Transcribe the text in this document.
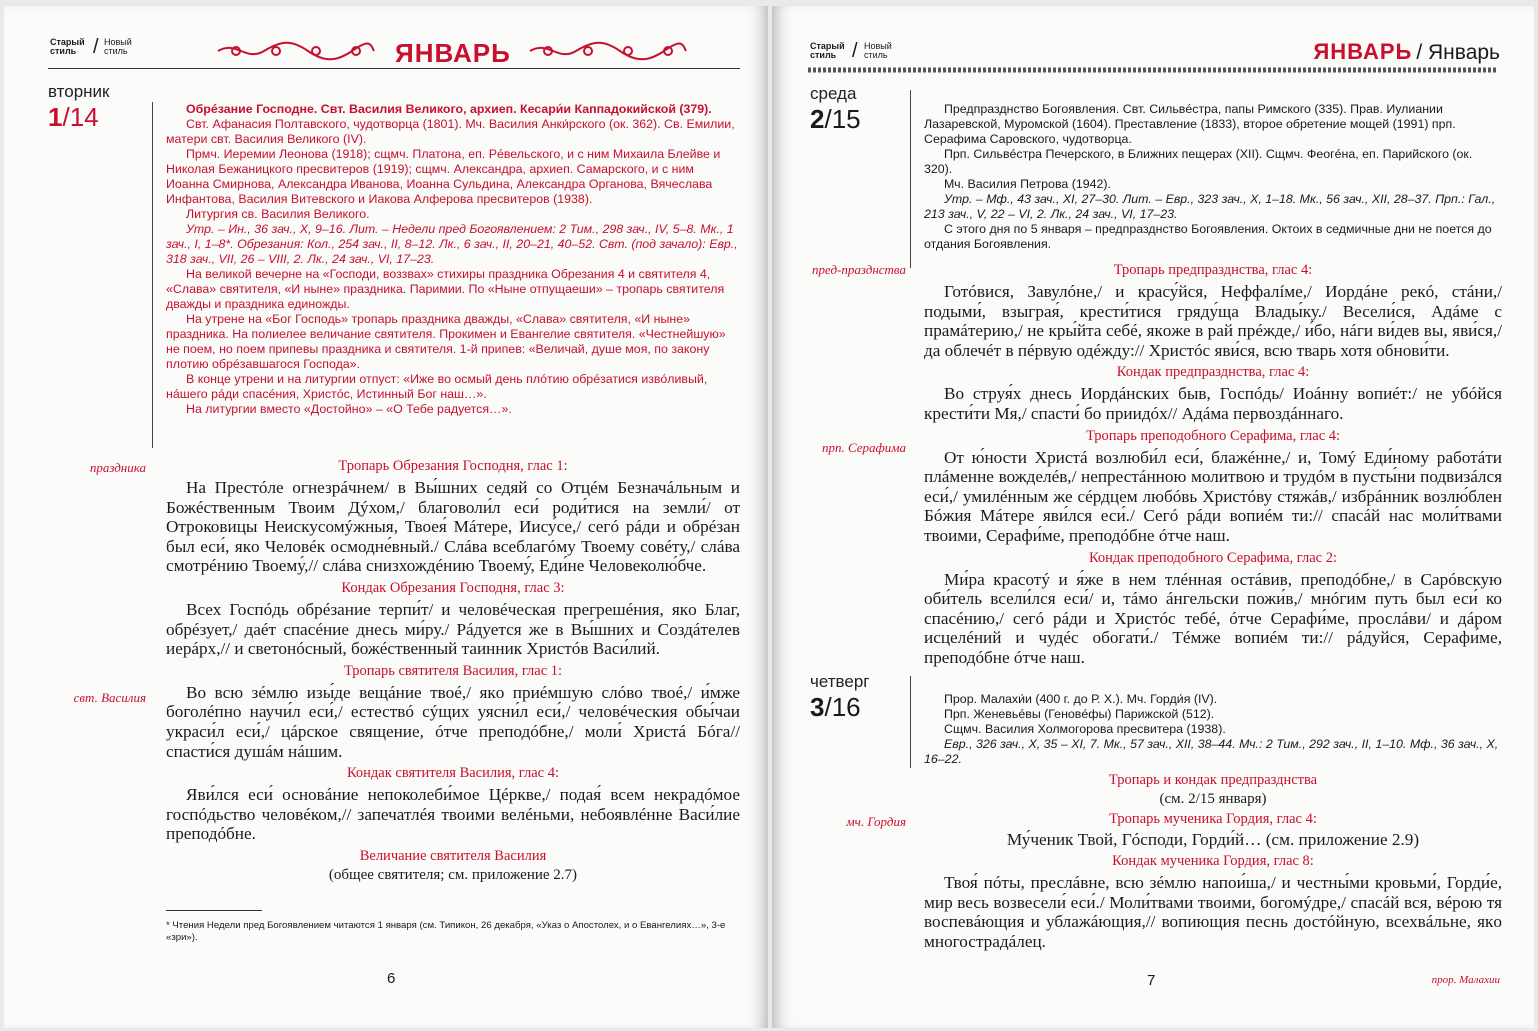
Старый стиль / Новый стиль	ЯНВАРЬ
вторник
1/14	Обрéзание Господне. Свт. Василия Великого, архиеп. Кесари́и Каппадокийской (379).

Свт. Афанасия Полтавского, чудотворца (1801). Мч. Василия Анки́рского (ок. 362). Св. Емилии, матери свт. Василия Великого (IV).

Прмч. Иеремии Леонова (1918); сщмч. Платона, еп. Рéвельского, и с ним Михаила Блейве и Николая Бежаницкого пресвитеров (1919); сщмч. Александра, архиеп. Самарского, и с ним Иоанна Смирнова, Александра Иванова, Иоанна Сульдина, Александра Органова, Вячеслава Инфантова, Василия Витевского и Иакова Алферова пресвитеров (1938).

Литургия св. Василия Великого.

Утр. – Ин., 36 зач., X, 9–16. Лит. – Недели пред Богоявлением: 2 Тим., 298 зач., IV, 5–8. Мк., 1 зач., I, 1–8*. Обрезания: Кол., 254 зач., II, 8–12. Лк., 6 зач., II, 20–21, 40–52. Свт. (под зачало): Евр., 318 зач., VII, 26 – VIII, 2. Лк., 24 зач., VI, 17–23.

На великой вечерне на «Господи, воззвах» стихиры праздника Обрезания 4 и святителя 4, «Слава» святителя, «И ныне» праздника. Паримии. По «Ныне отпущаеши» – тропарь святителя дважды и праздника единожды.

На утрене на «Бог Господь» тропарь праздника дважды, «Слава» святителя, «И ныне» праздника. На полиелее величание святителя. Прокимен и Евангелие святителя. «Честнейшую» не поем, но поем припевы праздника и святителя. 1-й припев: «Величай, душе моя, по закону плотию обрéзавшагося Господа».

В конце утрени и на литургии отпуст: «Иже во осмый день плóтию обрéзатися изво́ливый, нáшего рáди спасéния, Христóс, Истинный Бог наш…».

На литургии вместо «Достойно» – «О Тебе радуется…».

праздника	Тропарь Обрезания Господня, глас 1:
На Престóле огнезрáчнем/ в Вы́шних седяй со Отцéм Безначáльным и Божéственным Твоим Дýхом,/ благоволи́л еси́ роди́тися на земли́/ от Отроковицы Неискусомýжныя, Твоея́ Мáтере, Иису́се,/ сегó рáди и обрéзан был еси́, якo Человéк осмодне́вный./ Слáва всеблагóму Твоему совéту,/ слáва смотрéнию Твоему́,// слáва снизхождéнию Твоему́, Еди́не Человеколю́бче.
Кондак Обрезания Господня, глас 3:
Всех Госпóдь обрéзание терпи́т/ и человéческая прегрешéния, якo Благ, обрéзует,/ даéт спасéние днесь ми́ру./ Рáдуется же в Вы́шних и Создáтелев иерáрх,// и светонóсный, божéственный таинник Христóв Васи́лий.
Тропарь святителя Василия, глас 1:
Во всю зéмлю изы́де вещáние твоé,/ якo приéмшую слóво твоé,/ и́мже боголéпно научи́л еси́,/ естествó сýщих уясни́л еси́,/ человéческия обы́чаи украси́л еси́,/ цáрское священие, óтче преподóбне,/ моли́ Христá Бóга// спасти́ся душáм нáшим.
Кондак святителя Василия, глас 4:
Яви́лся еси́ основáние непоколеби́мое Цéркве,/ подая́ всем некрадóмое госпóдьство человéком,// запечатлéя твоими велéньми, небоявлéнне Васи́лие преподóбне.
Величание святителя Василия
(общее святителя; см. приложение 2.7)
свт. Василия
* Чтения Недели пред Богоявлением читаются 1 января (см. Типикон, 26 декабря, «Указ о Апостолех, и о Евангелиях…», 3-е «зри»).
6
Старый стиль / Новый стиль	ЯНВАРЬ / Январь
среда
2/15	Предпразднство Богоявления. Свт. Сильвéстра, папы Римского (335). Прав. Иулиании Лазаревской, Муромской (1604). Преставление (1833), второе обретение мощей (1991) прп. Серафима Саровского, чудотворца.

Прп. Сильвéстра Печерского, в Ближних пещерах (XII). Сщмч. Феогéна, еп. Парийского (ок. 320).

Мч. Василия Петрова (1942).

Утр. – Мф., 43 зач., XI, 27–30. Лит. – Евр., 323 зач., X, 1–18. Мк., 56 зач., XII, 28–37. Прп.: Гал., 213 зач., V, 22 – VI, 2. Лк., 24 зач., VI, 17–23.

С этого дня по 5 января – предпразднство Богоявления. Октоих в седмичные дни не поется до отдания Богоявления.

пред-празднства	Тропарь предпразднства, глас 4:
Готóвися, Завулóне,/ и красу́йся, Неффалíме,/ Иордáне рекó, стáни,/ подыми́, взыграя́, крести́тися гряду́ща Влады́ку./ Весели́ся, Адáме с прамáтерию,/ не кры́йта себé, якoже в рай прéжде,/ и́бо, нáги ви́дев вы, яви́ся,/ да облечéт в пéрвую одéжду:// Христóс яви́ся, всю тварь хотя обнови́ти.
Кондак предпразднства, глас 4:
Во струя́х днесь Иордáнских быв, Госпóдь/ Иоáнну вопиéт:/ не убóйся крести́ти Мя,/ спасти́ бо приидóх// Адáма первоздáннаго.
Тропарь преподобного Серафима, глас 4:
От ю́ности Христá возлюби́л еси́, блажéнне,/ и, Томý Еди́ному работáти плáменне вожделéв,/ непрестáнною молитвою и трудóм в пусты́ни подвизáлся еси́,/ умилéнным же сéрдцем любóвь Христóву стяжáв,/ избрáнник возлю́блен Бóжия Мáтере яви́лся еси́./ Сегó рáди вопиéм ти:// спасáй нас моли́твами твоими, Серафи́ме, преподóбне óтче наш.
Кондак преподобного Серафима, глас 2:
Ми́ра красотý и я́же в нем тлéнная остáвив, преподóбне,/ в Сарóвскую оби́тель всели́лся еси́/ и, тáмо áнгельски пожи́в,/ мнóгим путь был еси́ ко спасéнию,/ сегó рáди и Христóс тебé, óтче Серафи́ме, прослáви/ и дáром исцелéний и чудéс обогати́./ Тéмже вопиéм ти:// рáдуйся, Серафи́ме, преподóбне óтче наш.
прп. Серафима
четверг
3/16	Прор. Малахи́и (400 г. до Р. Х.). Мч. Горди́я (IV).

Прп. Женевьéвы (Геновéфы) Парижской (512).

Сщмч. Василия Холмогорова пресвитера (1938).

Евр., 326 зач., X, 35 – XI, 7. Мк., 57 зач., XII, 38–44. Мч.: 2 Тим., 292 зач., II, 1–10. Мф., 36 зач., X, 16–22.

Тропарь и кондак предпразднства
(см. 2/15 января)
Тропарь мученика Гордия, глас 4:
Му́ченик Твой, Гóсподи, Горди́й… (см. приложение 2.9)
Кондак мученика Гордия, глас 8:
Твоя́ пóты, преслáвне, всю зéмлю напои́ша,/ и честны́ми кровьми́, Горди́е, мир весь возвесели́ еси́./ Моли́твами твоими, богомýдре,/ спасáй вся, вéрою тя воспевáющия и ублажáющия,// вопиющия песнь достóйную, всехвáльне, якo многострадáлец.
мч. Гордия
7	прор. Малахии
